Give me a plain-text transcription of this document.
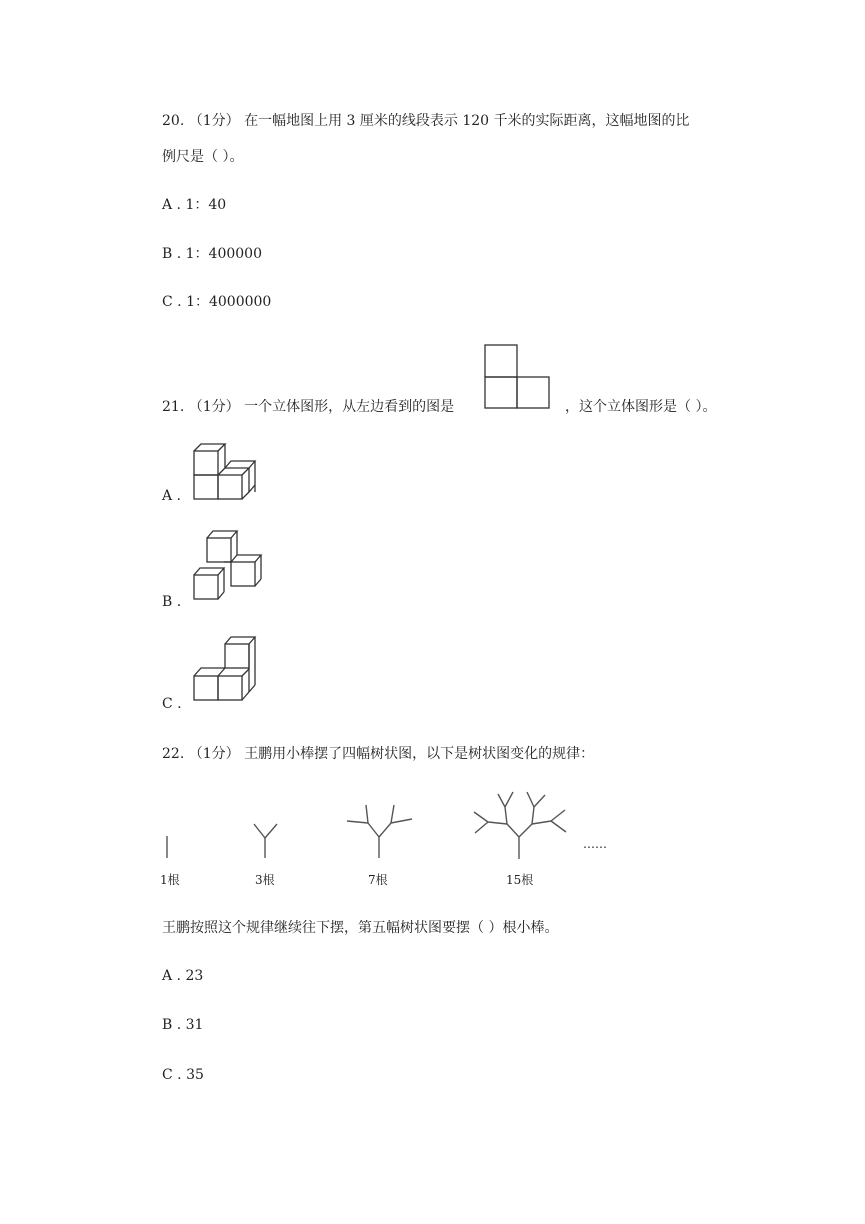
20. （1分） 在一幅地图上用 3 厘米的线段表示 120 千米的实际距离，这幅地图的比
例尺是（ ）。
A . 1：40
B . 1：400000
C . 1：4000000
21. （1分） 一个立体图形，从左边看到的图是	，这个立体图形是（ ）。
A .
B .
C .
22. （1分） 王鹏用小棒摆了四幅树状图，以下是树状图变化的规律：
……
1根	3根	7根	15根
王鹏按照这个规律继续往下摆，第五幅树状图要摆（ ）根小棒。
A . 23
B . 31
C . 35
